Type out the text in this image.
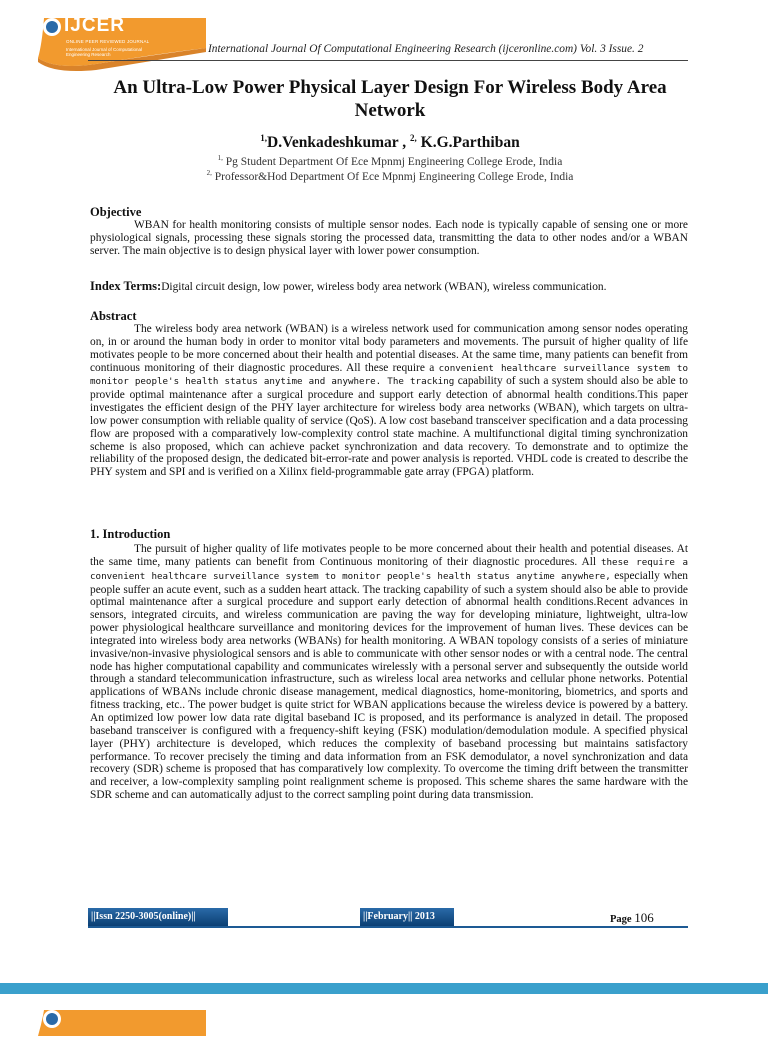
IJCER
ONLINE PEER REVIEWED JOURNAL
International Journal of Computational Engineering Research	International Journal Of Computational Engineering Research (ijceronline.com) Vol. 3 Issue. 2
An Ultra-Low Power Physical Layer Design For Wireless Body Area
Network
$^{1,}$D.Venkadeshkumar , $^{2,}$ K.G.Parthiban
$^{1,}$ Pg Student Department Of Ece Mpnmj Engineering College Erode, India
$^{2,}$ Professor&Hod Department Of Ece Mpnmj Engineering College Erode, India
Objective

WBAN for health monitoring consists of multiple sensor nodes. Each node is typically capable of sensing one or more physiological signals, processing these signals storing the processed data, transmitting the data to other nodes and/or a WBAN server. The main objective is to design physical layer with lower power consumption.

Index Terms:Digital circuit design, low power, wireless body area network (WBAN), wireless communication.
Abstract

The wireless body area network (WBAN) is a wireless network used for communication among sensor nodes operating on, in or around the human body in order to monitor vital body parameters and movements. The pursuit of higher quality of life motivates people to be more concerned about their health and potential diseases. At the same time, many patients can benefit from continuous monitoring of their diagnostic procedures. All these require a convenient healthcare surveillance system to monitor people's health status anytime and anywhere. The tracking capability of such a system should also be able to provide optimal maintenance after a surgical procedure and support early detection of abnormal health conditions.This paper investigates the efficient design of the PHY layer architecture for wireless body area networks (WBAN), which targets on ultra-low power consumption with reliable quality of service (QoS). A low cost baseband transceiver specification and a data processing flow are proposed with a comparatively low-complexity control state machine. A multifunctional digital timing synchronization scheme is also proposed, which can achieve packet synchronization and data recovery. To demonstrate and to optimize the reliability of the proposed design, the dedicated bit-error-rate and power analysis is reported. VHDL code is created to describe the PHY system and SPI and is verified on a Xilinx field-programmable gate array (FPGA) platform.

1. Introduction

The pursuit of higher quality of life motivates people to be more concerned about their health and potential diseases. At the same time, many patients can benefit from Continuous monitoring of their diagnostic procedures. All these require a convenient healthcare surveillance system to monitor people's health status anytime anywhere, especially when people suffer an acute event, such as a sudden heart attack. The tracking capability of such a system should also be able to provide optimal maintenance after a surgical procedure and support early detection of abnormal health conditions.Recent advances in sensors, integrated circuits, and wireless communication are paving the way for developing miniature, lightweight, ultra-low power physiological healthcare surveillance and monitoring devices for the improvement of human lives. These devices can be integrated into wireless body area networks (WBANs) for health monitoring. A WBAN topology consists of a series of miniature invasive/non-invasive physiological sensors and is able to communicate with other sensor nodes or with a central node. The central node has higher computational capability and communicates wirelessly with a personal server and subsequently the outside world through a standard telecommunication infrastructure, such as wireless local area networks and cellular phone networks. Potential applications of WBANs include chronic disease management, medical diagnostics, home-monitoring, biometrics, and sports and fitness tracking, etc.. The power budget is quite strict for WBAN applications because the wireless device is powered by a battery. An optimized low power low data rate digital baseband IC is proposed, and its performance is analyzed in detail. The proposed baseband transceiver is configured with a frequency-shift keying (FSK) modulation/demodulation module. A specified physical layer (PHY) architecture is developed, which reduces the complexity of baseband processing but maintains satisfactory performance. To recover precisely the timing and data information from an FSK demodulator, a novel synchronization and data recovery (SDR) scheme is proposed that has comparatively low complexity. To overcome the timing drift between the transmitter and receiver, a low-complexity sampling point realignment scheme is proposed. This scheme shares the same hardware with the SDR scheme and can automatically adjust to the correct sampling point during data transmission.

||Issn 2250-3005(online)||	||February|| 2013	Page 106
